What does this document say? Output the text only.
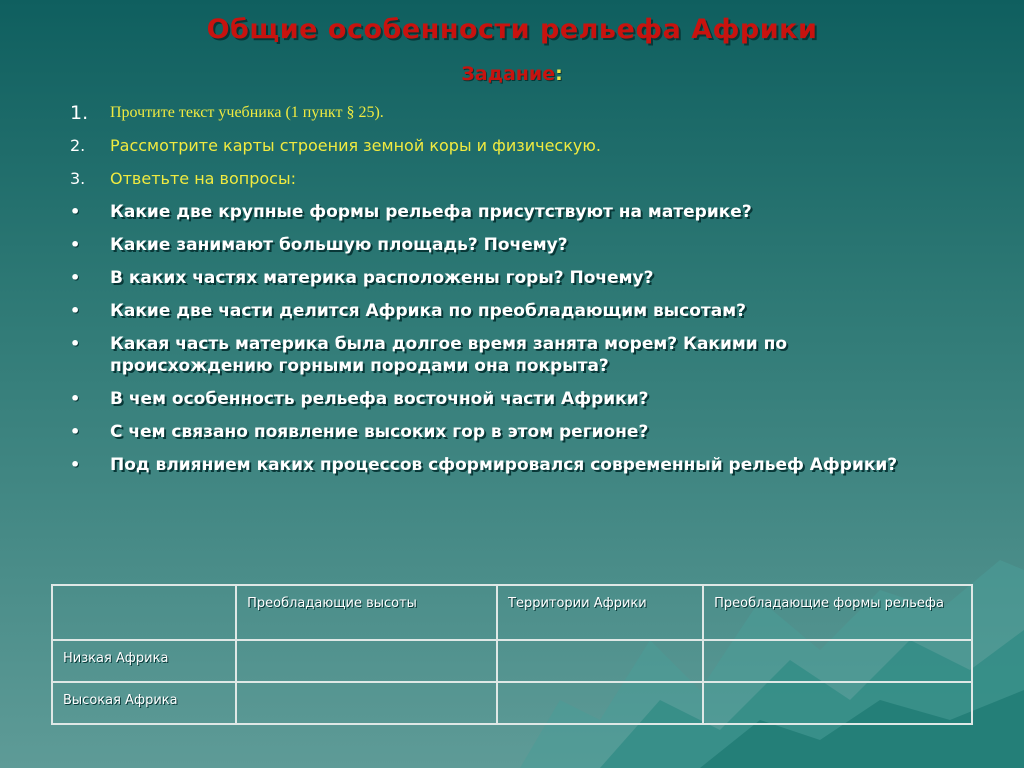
Общие особенности рельефа Африки
Задание:
1.	Прочтите текст учебника (1 пункт § 25).
2.	Рассмотрите карты строения земной коры и физическую.
3.	Ответьте на вопросы:
•	Какие две крупные формы рельефа присутствуют на материке?
•	Какие занимают большую площадь? Почему?
•	В каких частях материка расположены горы? Почему?
•	Какие две части делится Африка по преобладающим высотам?
•	Какая часть материка была долгое время занята морем? Какими по происхождению горными породами она покрыта?
•	В чем особенность рельефа восточной части Африки?
•	С чем связано появление высоких гор в этом регионе?
•	Под влиянием каких процессов сформировался современный рельеф Африки?
	Преобладающие высоты	Территории Африки	Преобладающие формы рельефа
Низкая Африка			
Высокая Африка			
